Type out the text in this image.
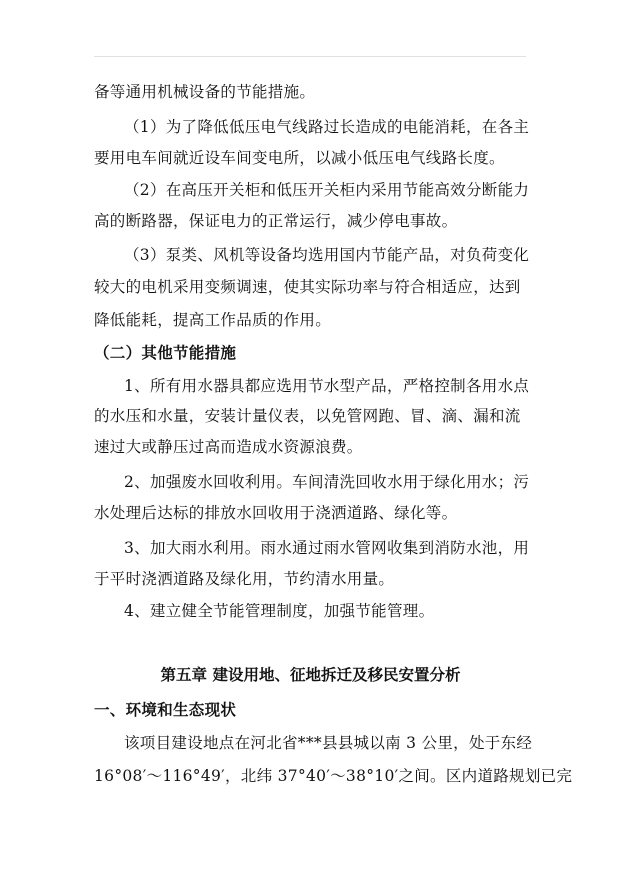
备等通用机械设备的节能措施。
（1）为了降低低压电气线路过长造成的电能消耗，在各主
要用电车间就近设车间变电所，以减小低压电气线路长度。
（2）在高压开关柜和低压开关柜内采用节能高效分断能力
高的断路器，保证电力的正常运行，减少停电事故。
（3）泵类、风机等设备均选用国内节能产品，对负荷变化
较大的电机采用变频调速，使其实际功率与符合相适应，达到
降低能耗，提高工作品质的作用。
（二）其他节能措施
1、所有用水器具都应选用节水型产品，严格控制各用水点
的水压和水量，安装计量仪表，以免管网跑、冒、滴、漏和流
速过大或静压过高而造成水资源浪费。
2、加强废水回收利用。车间清洗回收水用于绿化用水；污
水处理后达标的排放水回收用于浇洒道路、绿化等。
3、加大雨水利用。雨水通过雨水管网收集到消防水池，用
于平时浇洒道路及绿化用，节约清水用量。
4、建立健全节能管理制度，加强节能管理。
第五章 建设用地、征地拆迁及移民安置分析
一、环境和生态现状
该项目建设地点在河北省***县县城以南 3 公里，处于东经
16°08′～116°49′，北纬 37°40′～38°10′之间。区内道路规划已完
